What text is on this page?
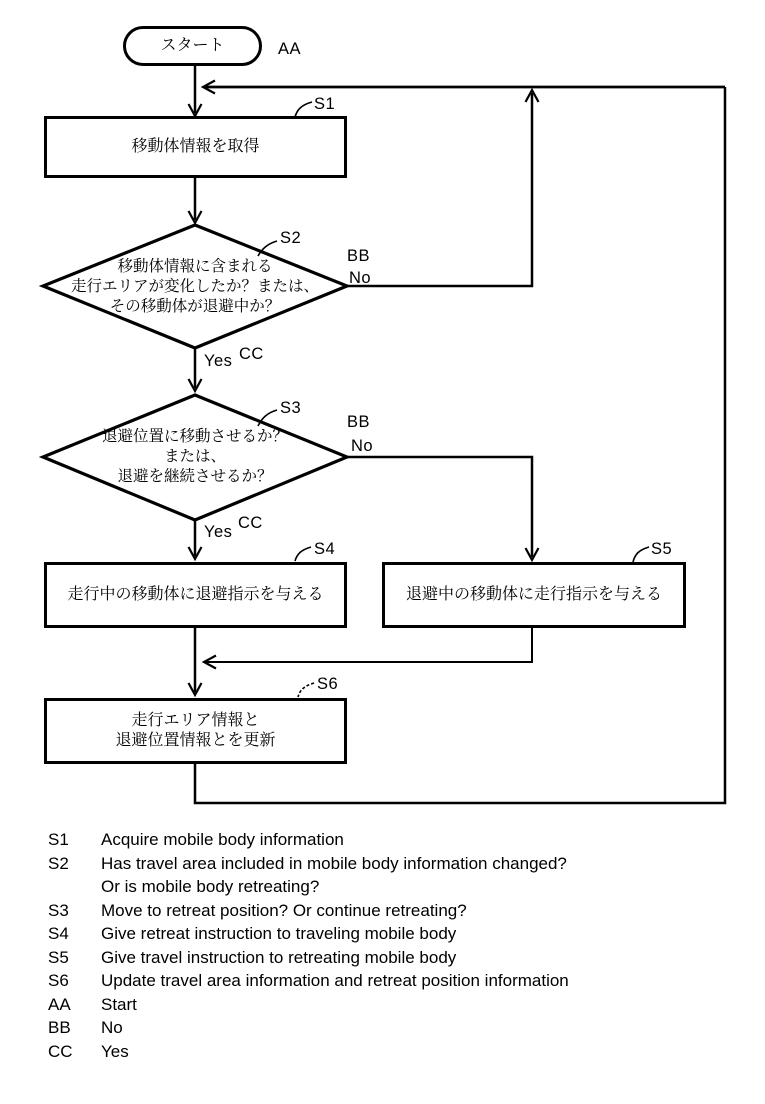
スタート
移動体情報を取得
移動体情報に含まれる
走行エリアが変化したか？または、
その移動体が退避中か？
退避位置に移動させるか？
または、
退避を継続させるか？
走行中の移動体に退避指示を与える	退避中の移動体に走行指示を与える
走行エリア情報と
退避位置情報とを更新
S1
S2
S3
S4	S5
S6
AA
BB
No
Yes CC
BB
No
Yes CC
S1	Acquire mobile body information
S2	Has travel area included in mobile body information changed?
Or is mobile body retreating?
S3	Move to retreat position? Or continue retreating?
S4	Give retreat instruction to traveling mobile body
S5	Give travel instruction to retreating mobile body
S6	Update travel area information and retreat position information
AA	Start
BB	No
CC	Yes
